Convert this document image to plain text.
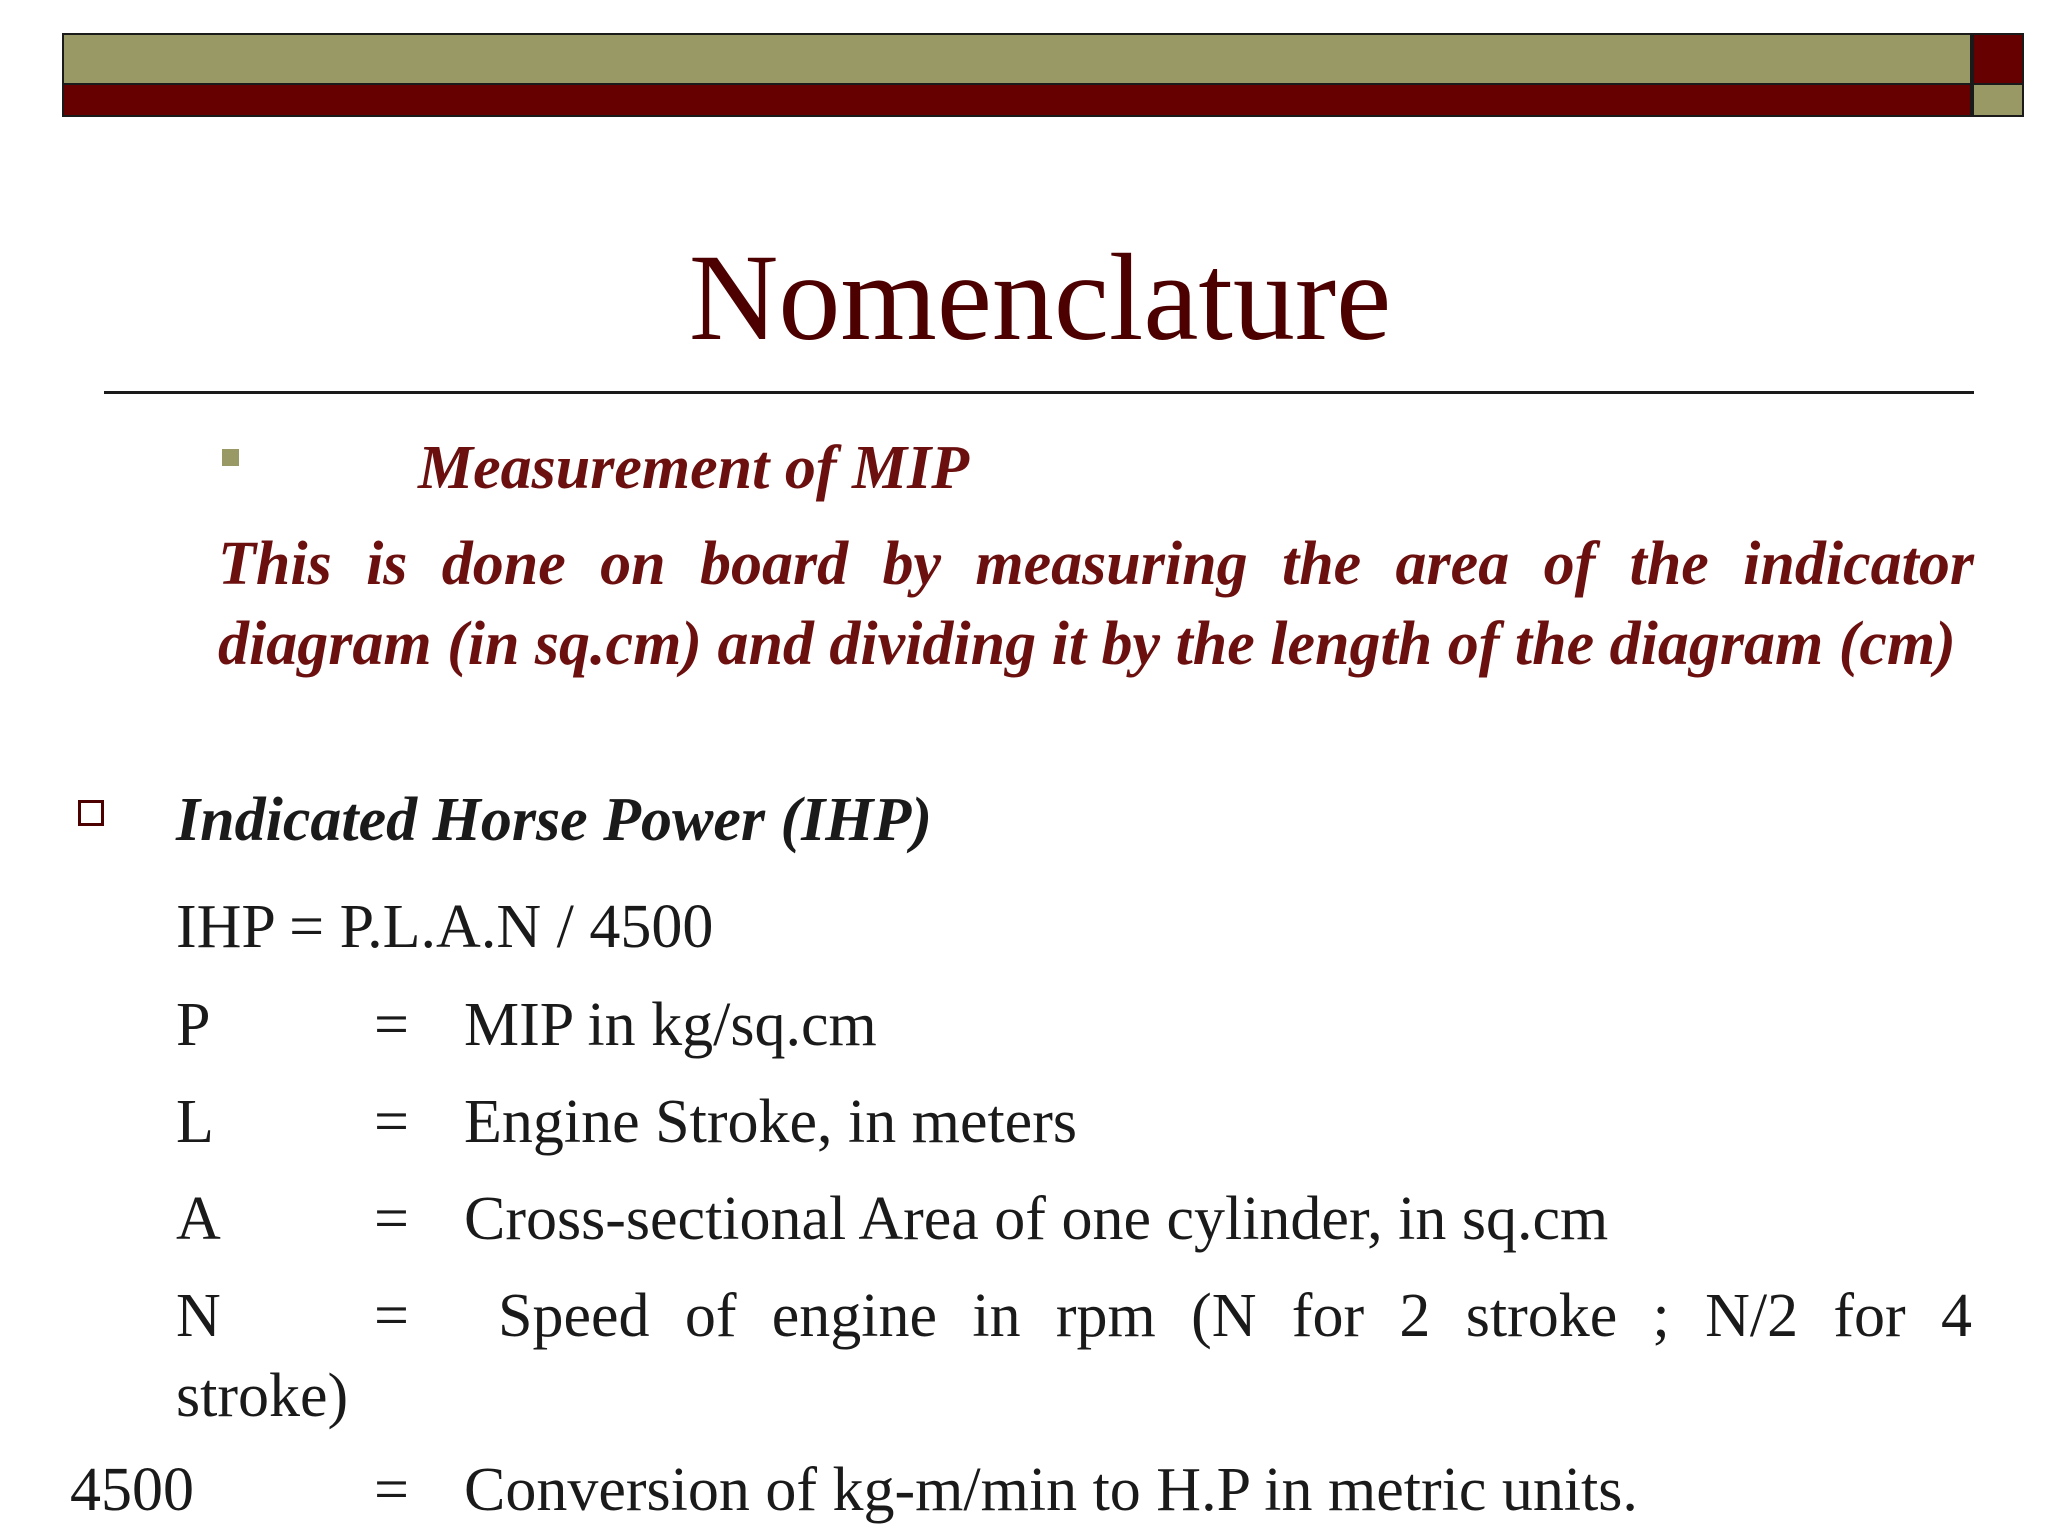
Nomenclature
Measurement of MIP
This is done on board by measuring the area of the indicator diagram (in sq.cm) and dividing it by the length of the diagram (cm)
Indicated Horse Power (IHP)
IHP = P.L.A.N / 4500
P	= MIP in kg/sq.cm
L	= Engine Stroke, in meters
A = Cross-sectional Area of one cylinder, in sq.cm
N = Speed of engine in rpm (N for 2 stroke ; N/2 for 4
stroke)
4500	= Conversion of kg-m/min to H.P in metric units.
